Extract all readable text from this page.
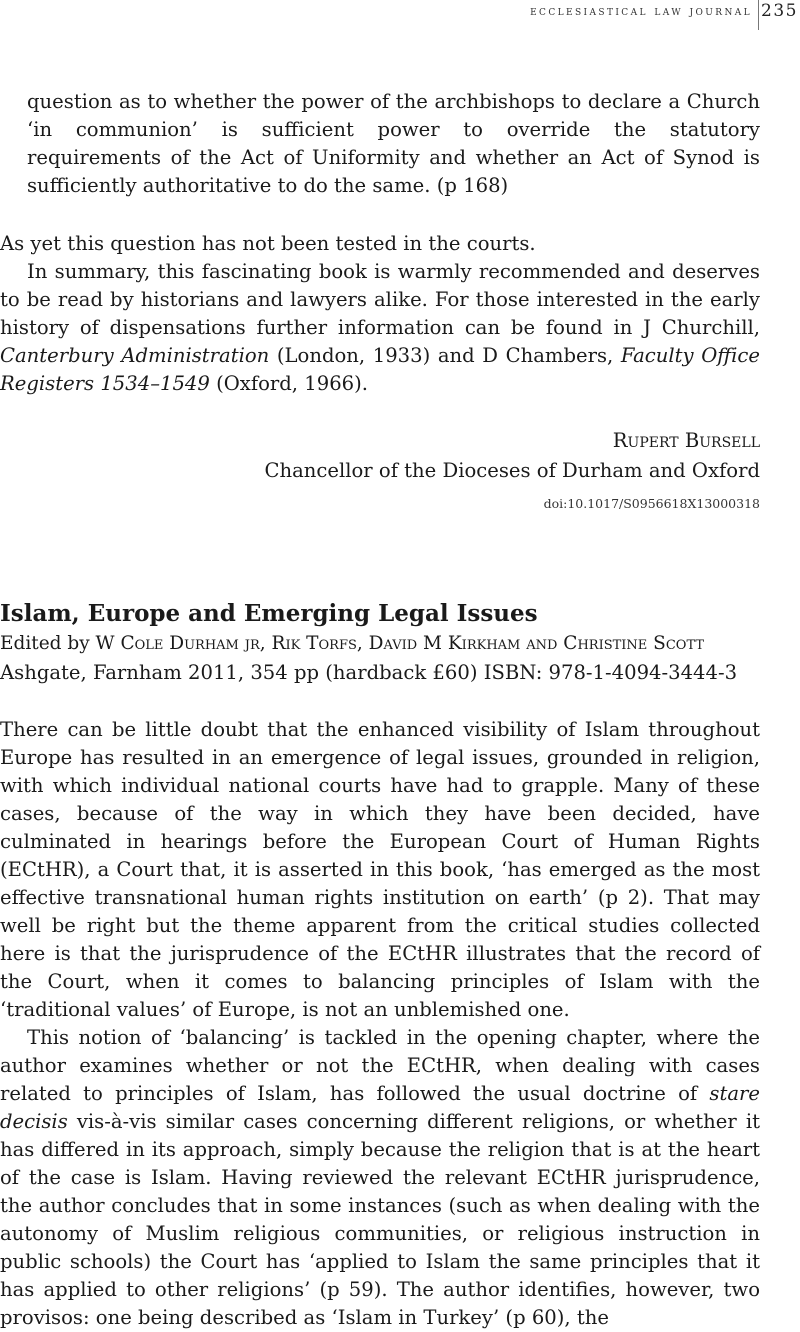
ecclesiastical law journal 235

question as to whether the power of the archbishops to declare a Church ‘in communion’ is sufficient power to override the statutory requirements of the Act of Uniformity and whether an Act of Synod is sufficiently authoritative to do the same. (p 168)

As yet this question has not been tested in the courts.

In summary, this fascinating book is warmly recommended and deserves to be read by historians and lawyers alike. For those interested in the early history of dispensations further information can be found in J Churchill, Canterbury Administration (London, 1933) and D Chambers, Faculty Office Registers 1534–1549 (Oxford, 1966).

Rupert Bursell
Chancellor of the Dioceses of Durham and Oxford
doi:10.1017/S0956618X13000318
Islam, Europe and Emerging Legal Issues
Edited by W Cole Durham jr, Rik Torfs, David M Kirkham and Christine Scott
Ashgate, Farnham 2011, 354 pp (hardback £60) ISBN: 978-1-4094-3444-3

There can be little doubt that the enhanced visibility of Islam throughout Europe has resulted in an emergence of legal issues, grounded in religion, with which individual national courts have had to grapple. Many of these cases, because of the way in which they have been decided, have culminated in hearings before the European Court of Human Rights (ECtHR), a Court that, it is asserted in this book, ‘has emerged as the most effective transnational human rights institution on earth’ (p 2). That may well be right but the theme apparent from the critical studies collected here is that the jurisprudence of the ECtHR illustrates that the record of the Court, when it comes to balancing principles of Islam with the ‘traditional values’ of Europe, is not an unblemished one.

This notion of ‘balancing’ is tackled in the opening chapter, where the author examines whether or not the ECtHR, when dealing with cases related to principles of Islam, has followed the usual doctrine of stare decisis vis-à-vis similar cases concerning different religions, or whether it has differed in its approach, simply because the religion that is at the heart of the case is Islam. Having reviewed the relevant ECtHR jurisprudence, the author concludes that in some instances (such as when dealing with the autonomy of Muslim religious communities, or religious instruction in public schools) the Court has ‘applied to Islam the same principles that it has applied to other religions’ (p 59). The author identifies, however, two provisos: one being described as ‘Islam in Turkey’ (p 60), the
